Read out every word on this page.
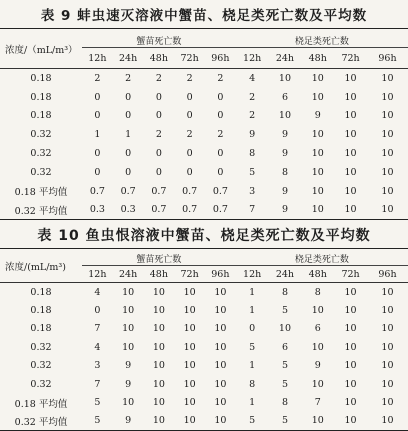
表 9 蚌虫速灭溶液中蟹苗、桡足类死亡数及平均数
浓度/（mL/m³）	蟹苗死亡数					桡足类死亡数				
	12h	24h	48h	72h	96h	12h	24h	48h	72h	96h
0.18	2	2	2	2	2	4	10	10	10	10
0.18	0	0	0	0	0	2	6	10	10	10
0.18	0	0	0	0	0	2	10	9	10	10
0.32	1	1	2	2	2	9	9	10	10	10
0.32	0	0	0	0	0	8	9	10	10	10
0.32	0	0	0	0	0	5	8	10	10	10
0.18 平均值	0.7	0.7	0.7	0.7	0.7	3	9	10	10	10
0.32 平均值	0.3	0.3	0.7	0.7	0.7	7	9	10	10	10
表 10 鱼虫恨溶液中蟹苗、桡足类死亡数及平均数
浓度/(mL/m³)	蟹苗死亡数					桡足类死亡数				
	12h	24h	48h	72h	96h	12h	24h	48h	72h	96h
0.18	4	10	10	10	10	1	8	8	10	10
0.18	0	10	10	10	10	1	5	10	10	10
0.18	7	10	10	10	10	0	10	6	10	10
0.32	4	10	10	10	10	5	6	10	10	10
0.32	3	9	10	10	10	1	5	9	10	10
0.32	7	9	10	10	10	8	5	10	10	10
0.18 平均值	5	10	10	10	10	1	8	7	10	10
0.32 平均值	5	9	10	10	10	5	5	10	10	10
